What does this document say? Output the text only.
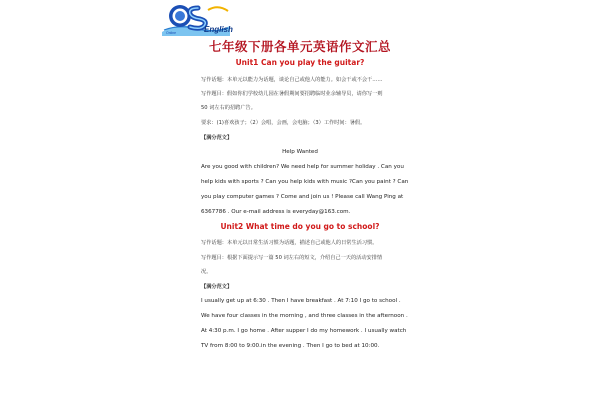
Online	English
七年级下册各单元英语作文汇总
Unit1 Can you play the guitar?
写作话题：本单元以能力为话题，谈论自己或他人的能力。如会干或不会干……
写作题目：假如你们学校幼儿园在暑假期间要招聘临时业余辅导员，请你写一则
50 词左右的招聘广告。
要求：(1)喜欢孩子；（2）会唱，会画，会电脑；（3）工作时间：暑假。
【满分范文】
Help Wanted
Are you good with children? We need help for summer holiday . Can you
help kids with sports ? Can you help kids with music ?Can you paint ? Can
you play computer games ? Come and join us ! Please call Wang Ping at
6367786 . Our e-mail address is everyday@163.com.
Unit2 What time do you go to school?
写作话题：本单元以日常生活习惯为话题，描述自己或他人的日常生活习惯。
写作题目：根据下面提示写一篇 50 词左右的短文，介绍自己一天的活动安排情
况。
【满分范文】
I usually get up at 6:30 . Then I have breakfast . At 7:10 I go to school .
We have four classes in the morning , and three classes in the afternoon .
At 4:30 p.m. I go home . After supper I do my homework . I usually watch
TV from 8:00 to 9:00.in the evening . Then I go to bed at 10:00.
